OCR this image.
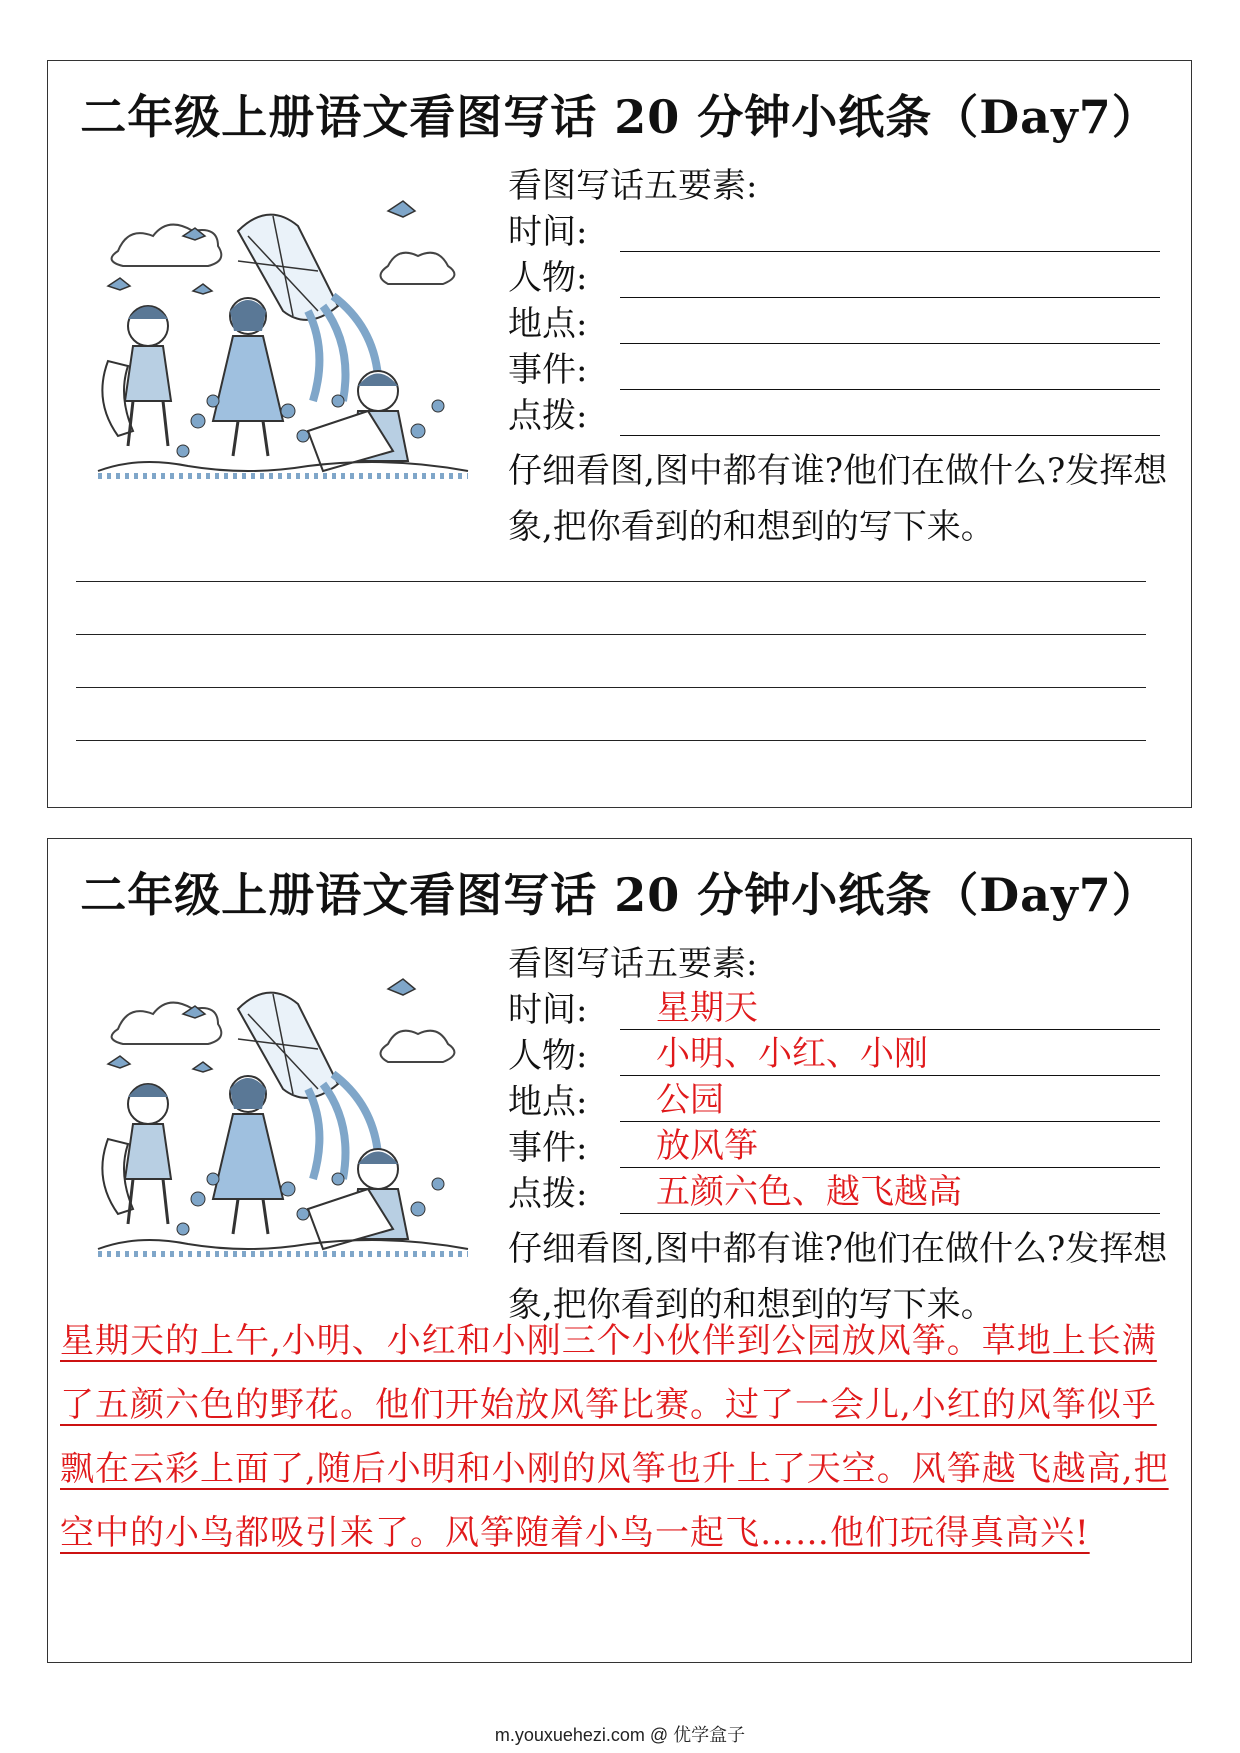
二年级上册语文看图写话 20 分钟小纸条（Day7）
看图写话五要素:
时间:
人物:
地点:
事件:
点拨:
仔细看图,图中都有谁?他们在做什么?发挥想象,把你看到的和想到的写下来。
二年级上册语文看图写话 20 分钟小纸条（Day7）
看图写话五要素:
时间: 星期天
人物: 小明、小红、小刚
地点: 公园
事件: 放风筝
点拨: 五颜六色、越飞越高
仔细看图,图中都有谁?他们在做什么?发挥想象,把你看到的和想到的写下来。
星期天的上午,小明、小红和小刚三个小伙伴到公园放风筝。草地上长满了五颜六色的野花。他们开始放风筝比赛。过了一会儿,小红的风筝似乎飘在云彩上面了,随后小明和小刚的风筝也升上了天空。风筝越飞越高,把空中的小鸟都吸引来了。风筝随着小鸟一起飞……他们玩得真高兴!
m.youxuehezi.com @ 优学盒子
